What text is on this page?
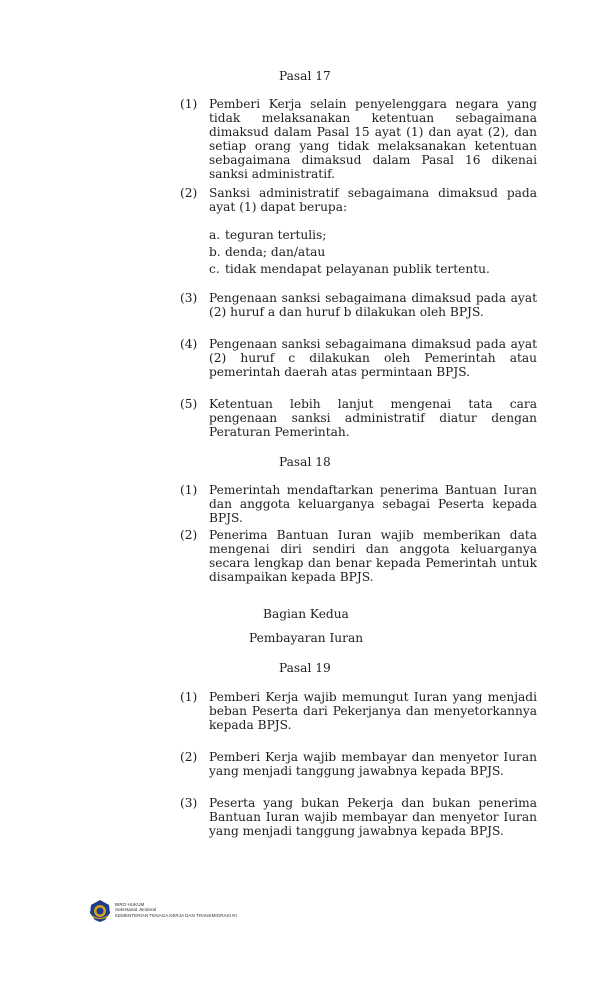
Pasal 17
(1) Pemberi Kerja selain penyelenggara negara yang tidak melaksanakan ketentuan sebagaimana dimaksud dalam Pasal 15 ayat (1) dan ayat (2), dan setiap orang yang tidak melaksanakan ketentuan sebagaimana dimaksud dalam Pasal 16 dikenai sanksi administratif.
(2) Sanksi administratif sebagaimana dimaksud pada ayat (1) dapat berupa:
a. teguran tertulis;
b. denda; dan/atau
c. tidak mendapat pelayanan publik tertentu.
(3) Pengenaan sanksi sebagaimana dimaksud pada ayat (2) huruf a dan huruf b dilakukan oleh BPJS.
(4) Pengenaan sanksi sebagaimana dimaksud pada ayat (2) huruf c dilakukan oleh Pemerintah atau pemerintah daerah atas permintaan BPJS.
(5) Ketentuan lebih lanjut mengenai tata cara pengenaan sanksi administratif diatur dengan Peraturan Pemerintah.
Pasal 18
(1) Pemerintah mendaftarkan penerima Bantuan Iuran dan anggota keluarganya sebagai Peserta kepada BPJS.
(2) Penerima Bantuan Iuran wajib memberikan data mengenai diri sendiri dan anggota keluarganya secara lengkap dan benar kepada Pemerintah untuk disampaikan kepada BPJS.
Bagian Kedua
Pembayaran Iuran
Pasal 19
(1) Pemberi Kerja wajib memungut Iuran yang menjadi beban Peserta dari Pekerjanya dan menyetorkannya kepada BPJS.
(2) Pemberi Kerja wajib membayar dan menyetor Iuran yang menjadi tanggung jawabnya kepada BPJS.
(3) Peserta yang bukan Pekerja dan bukan penerima Bantuan Iuran wajib membayar dan menyetor Iuran yang menjadi tanggung jawabnya kepada BPJS.
BIRO HUKUM
Sekretariat Jenderal
KEMENTERIAN TENAGA KERJA DAN TRANSMIGRASI RI
